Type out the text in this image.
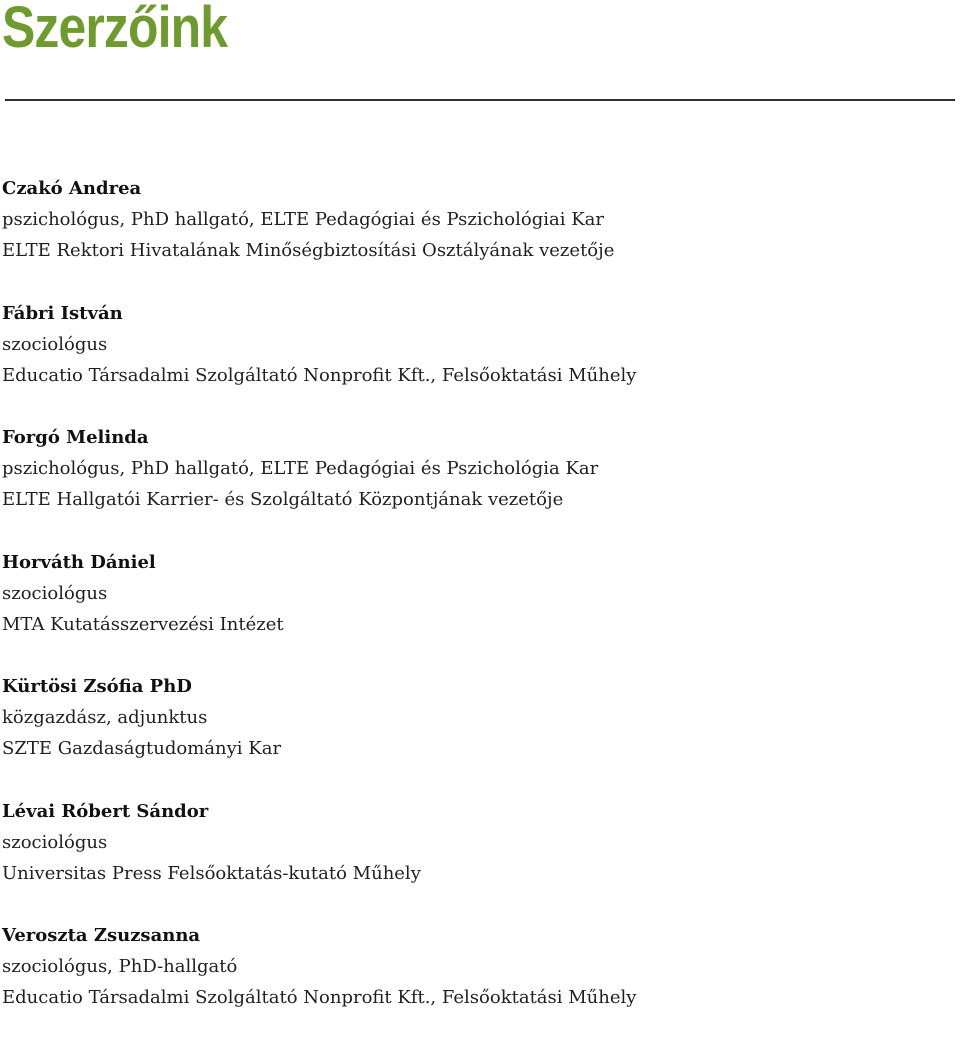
Szerzőink
Czakó Andrea
pszichológus, PhD hallgató, ELTE Pedagógiai és Pszichológiai Kar
ELTE Rektori Hivatalának Minőségbiztosítási Osztályának vezetője
Fábri István
szociológus
Educatio Társadalmi Szolgáltató Nonprofit Kft., Felsőoktatási Műhely
Forgó Melinda
pszichológus, PhD hallgató, ELTE Pedagógiai és Pszichológia Kar
ELTE Hallgatói Karrier- és Szolgáltató Központjának vezetője
Horváth Dániel
szociológus
MTA Kutatásszervezési Intézet
Kürtösi Zsófia PhD
közgazdász, adjunktus
SZTE Gazdaságtudományi Kar
Lévai Róbert Sándor
szociológus
Universitas Press Felsőoktatás-kutató Műhely
Veroszta Zsuzsanna
szociológus, PhD-hallgató
Educatio Társadalmi Szolgáltató Nonprofit Kft., Felsőoktatási Műhely
